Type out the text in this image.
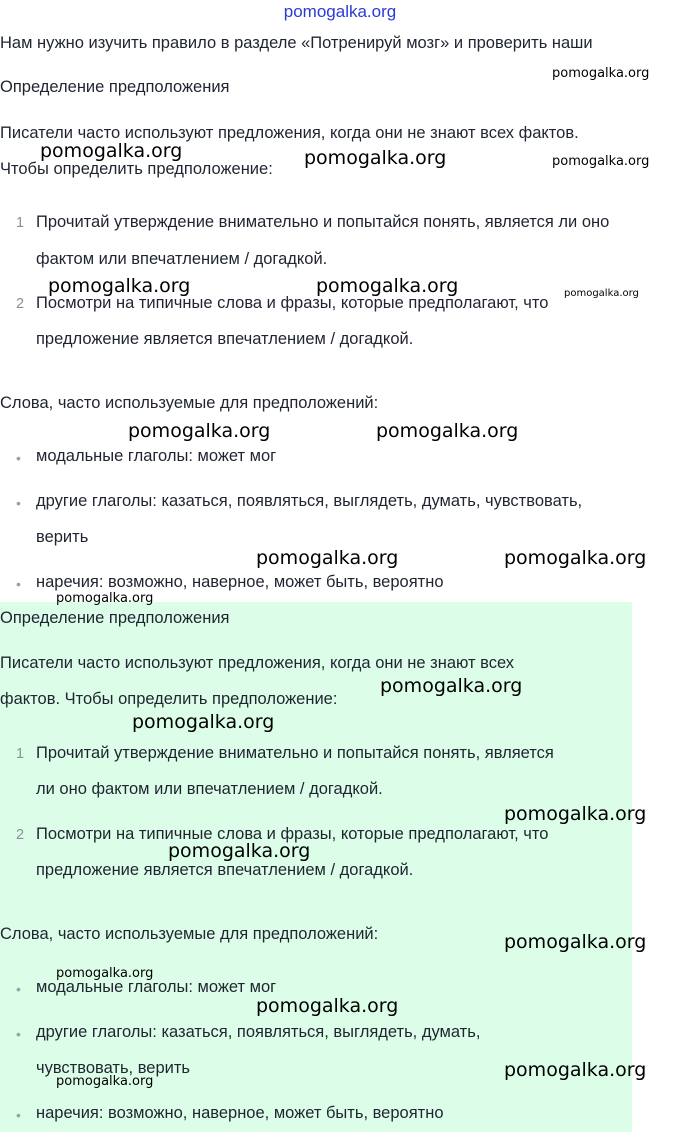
pomogalka.org
Нам нужно изучить правило в разделе «Потренируй мозг» и проверить наши
Определение предположения
Писатели часто используют предложения, когда они не знают всех фактов.
Чтобы определить предположение:
1 Прочитай утверждение внимательно и попытайся понять, является ли оно
фактом или впечатлением / догадкой.
2 Посмотри на типичные слова и фразы, которые предполагают, что
предложение является впечатлением / догадкой.
Слова, часто используемые для предположений:
• модальные глаголы: может мог
• другие глаголы: казаться, появляться, выглядеть, думать, чувствовать,
верить
• наречия: возможно, наверное, может быть, вероятно
Определение предположения
Писатели часто используют предложения, когда они не знают всех
фактов. Чтобы определить предположение:
1 Прочитай утверждение внимательно и попытайся понять, является
ли оно фактом или впечатлением / догадкой.
2 Посмотри на типичные слова и фразы, которые предполагают, что
предложение является впечатлением / догадкой.
Слова, часто используемые для предположений:
• модальные глаголы: может мог
• другие глаголы: казаться, появляться, выглядеть, думать,
чувствовать, верить
• наречия: возможно, наверное, может быть, вероятно
pomogalka.org
pomogalka.org	pomogalka.org	pomogalka.org
pomogalka.org	pomogalka.org	pomogalka.org
pomogalka.org	pomogalka.org
pomogalka.org	pomogalka.org
pomogalka.org
pomogalka.org
pomogalka.org
pomogalka.org
pomogalka.org
pomogalka.org
pomogalka.org
pomogalka.org
pomogalka.org
pomogalka.org
